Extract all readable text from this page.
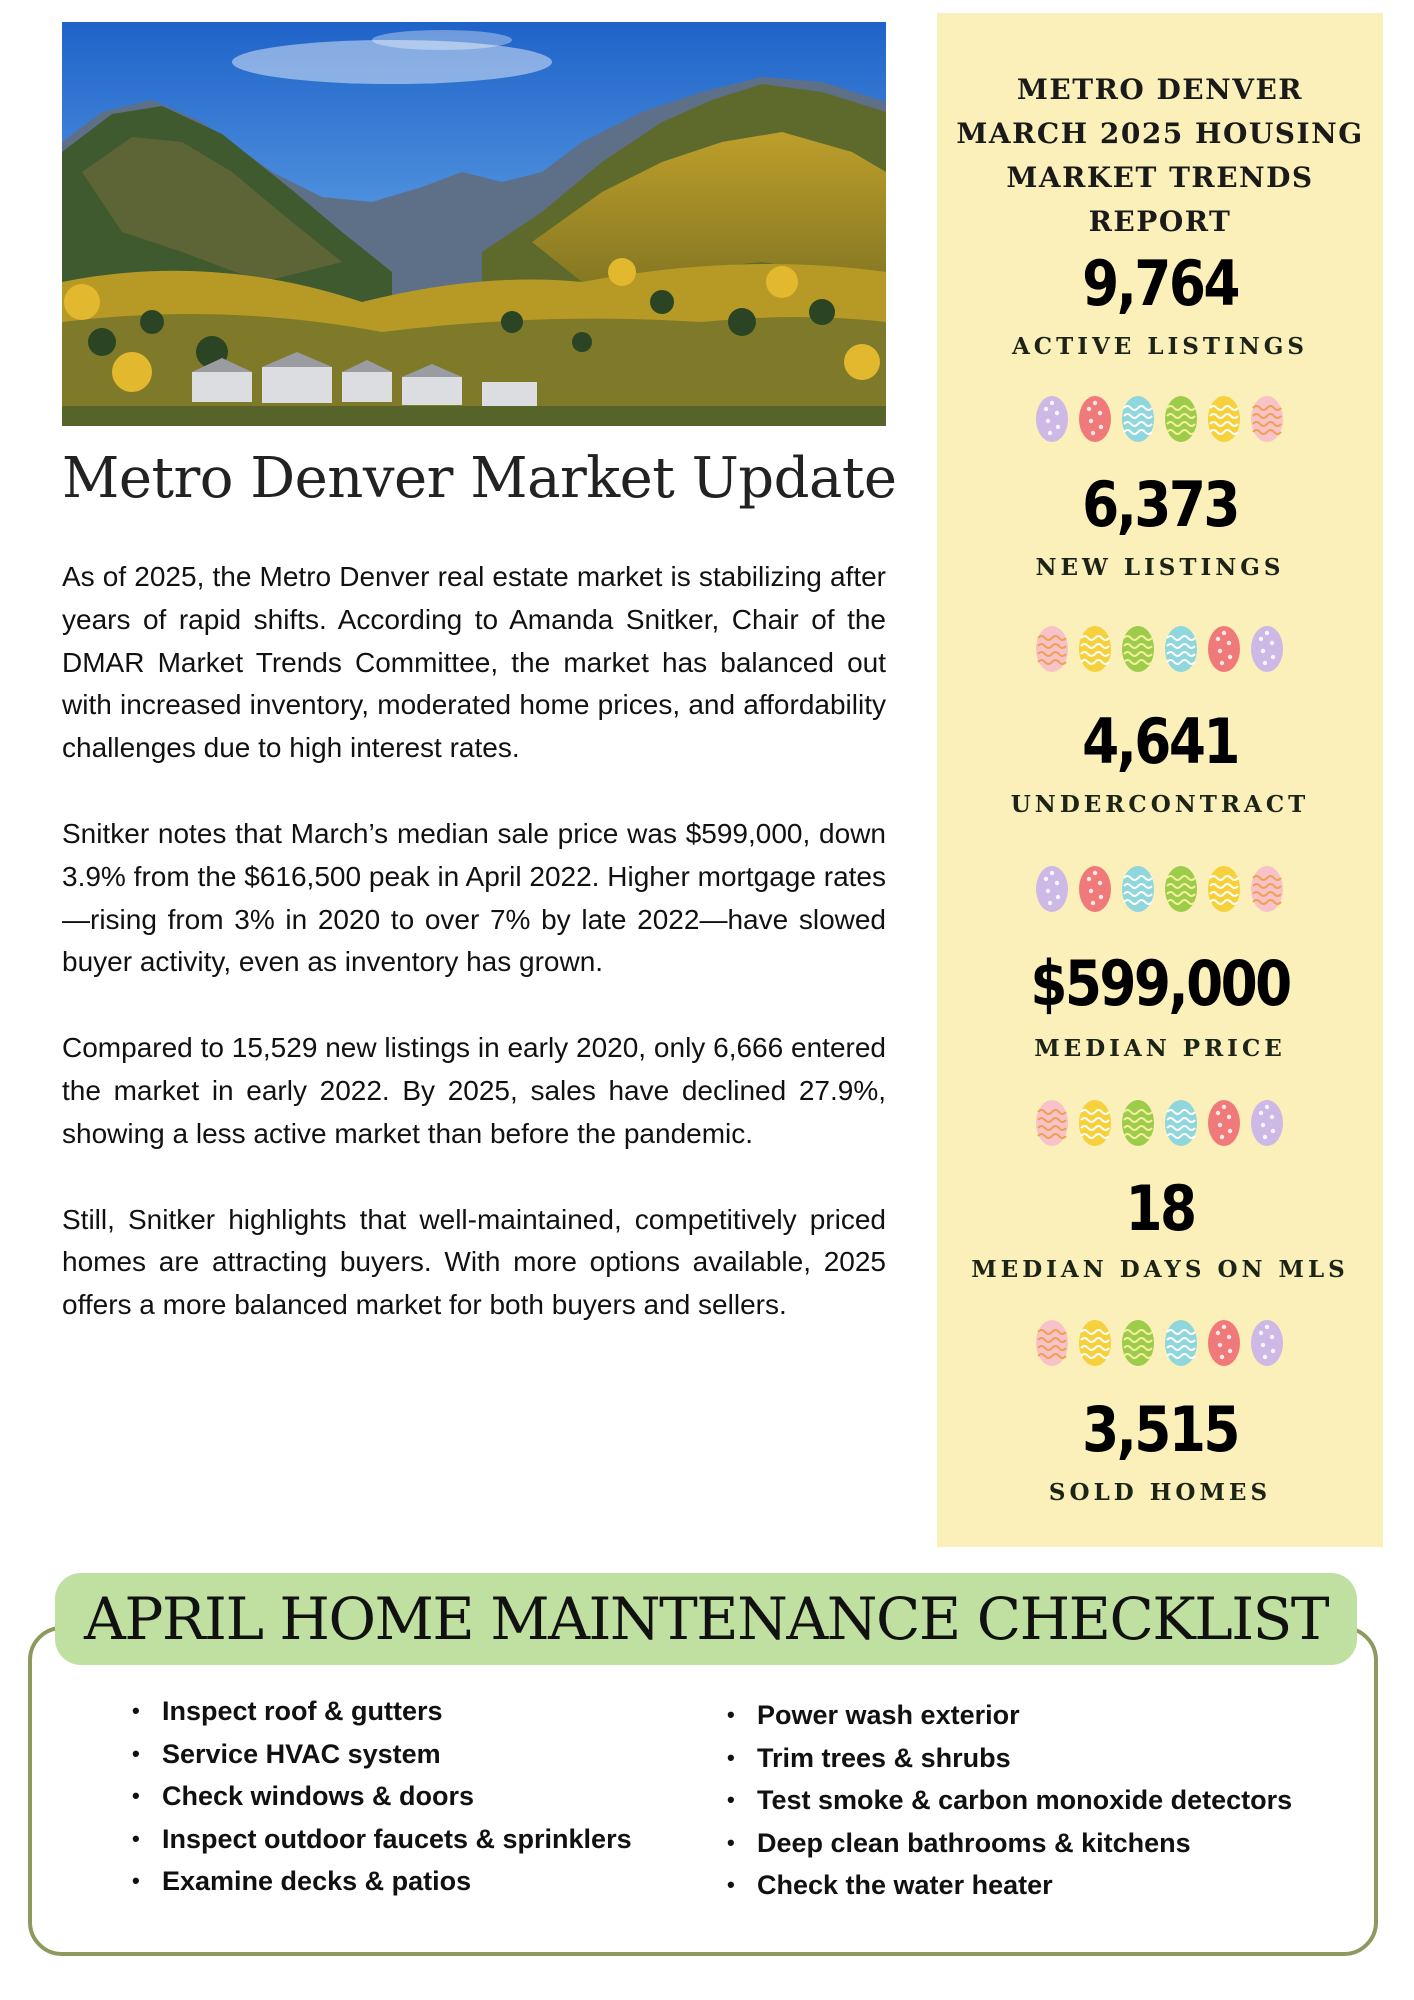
Metro Denver Market Update

As of 2025, the Metro Denver real estate market is stabilizing after years of rapid shifts. According to Amanda Snitker, Chair of the DMAR Market Trends Committee, the market has balanced out with increased inventory, moderated home prices, and affordability challenges due to high interest rates.

Snitker notes that March’s median sale price was $599,000, down 3.9% from the $616,500 peak in April 2022. Higher mortgage rates—rising from 3% in 2020 to over 7% by late 2022—have slowed buyer activity, even as inventory has grown.

Compared to 15,529 new listings in early 2020, only 6,666 entered the market in early 2022. By 2025, sales have declined 27.9%, showing a less active market than before the pandemic.

Still, Snitker highlights that well-maintained, competitively priced homes are attracting buyers. With more options available, 2025 offers a more balanced market for both buyers and sellers.

METRO DENVER
MARCH 2025 HOUSING
MARKET TRENDS REPORT
9,764
ACTIVE LISTINGS
6,373
NEW LISTINGS
4,641
UNDERCONTRACT
$599,000
MEDIAN PRICE
18
MEDIAN DAYS ON MLS
3,515
SOLD HOMES
APRIL HOME MAINTENANCE CHECKLIST
• Inspect roof & gutters
• Service HVAC system
• Check windows & doors
• Inspect outdoor faucets & sprinklers
• Examine decks & patios
• Power wash exterior
• Trim trees & shrubs
• Test smoke & carbon monoxide detectors
• Deep clean bathrooms & kitchens
• Check the water heater
